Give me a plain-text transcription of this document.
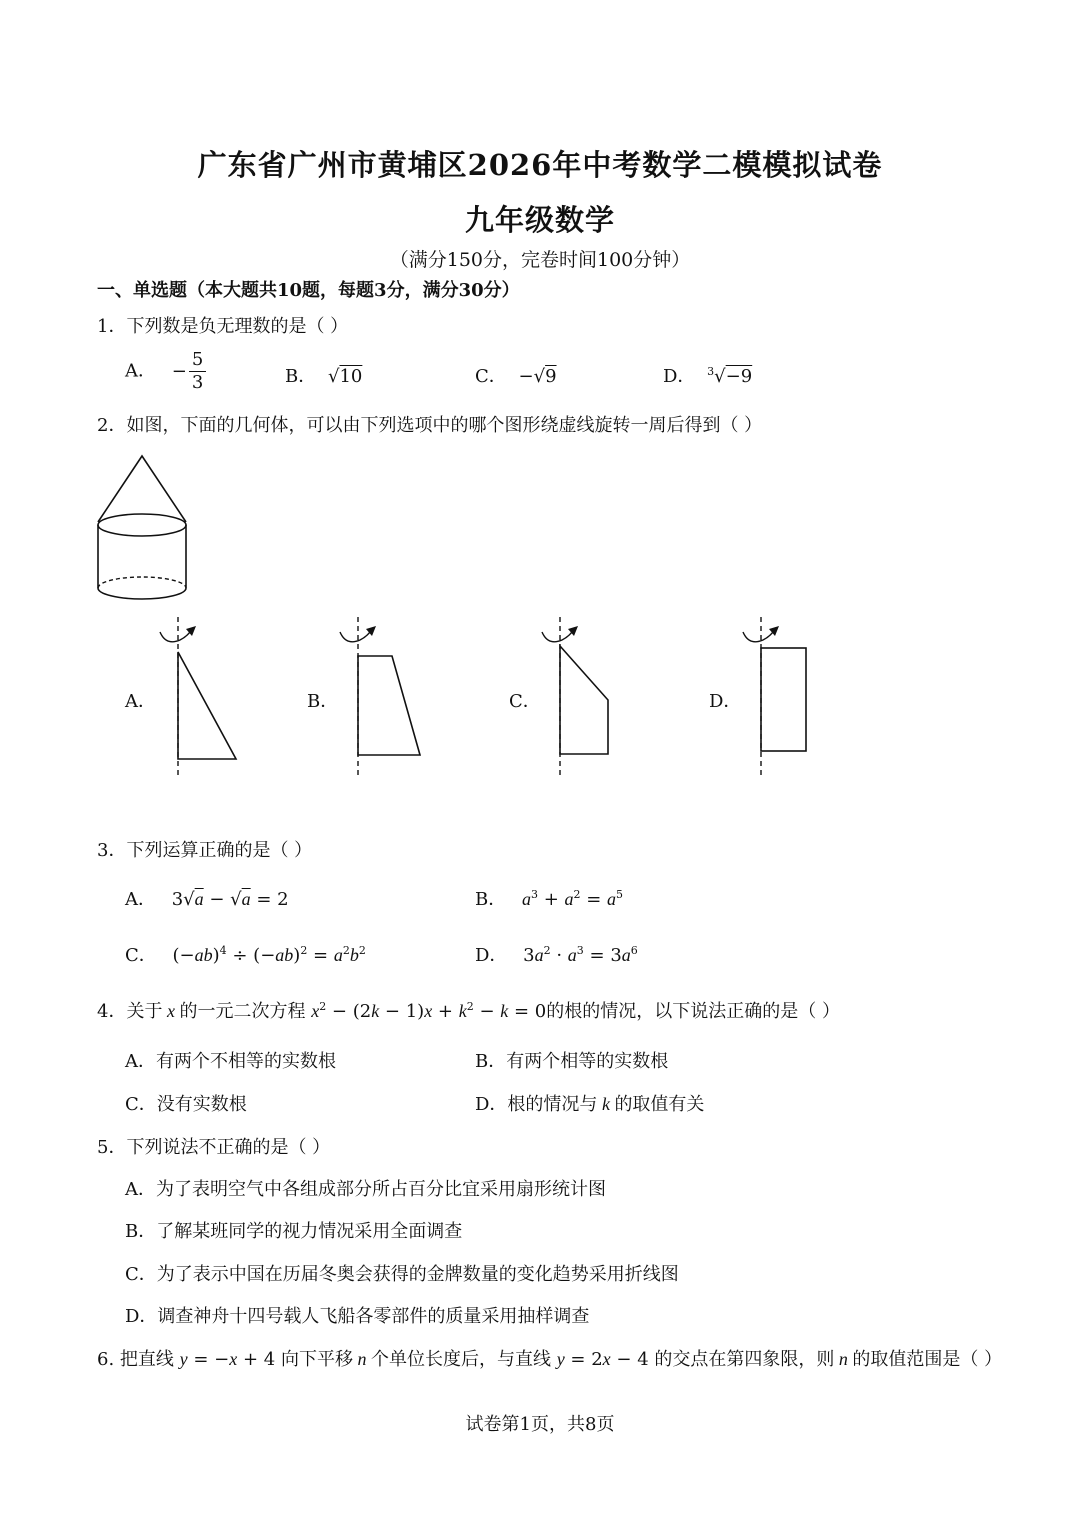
广东省广州市黄埔区2026年中考数学二模模拟试卷
九年级数学
（满分150分，完卷时间100分钟）
一、单选题（本大题共10题，每题3分，满分30分）
1．下列数是负无理数的是（ ）
A． − $\frac{5}{3}$	B． √10	C． −√9	D． $^3$√−9
2．如图，下面的几何体，可以由下列选项中的哪个图形绕虚线旋转一周后得到（ ）
A．	B．	C．	D．
3．下列运算正确的是（ ）
A． 3√a − √a = 2	B． $a^3 + a^2 = a^5$
C． $(-ab)^4 \div (-ab)^2 = a^2b^2$	D． $3a^2 \cdot a^3 = 3a^6$
4．关于 x 的一元二次方程 $x^2 - (2k - 1)x + k^2 - k = 0$的根的情况，以下说法正确的是（ ）
A．有两个不相等的实数根	B．有两个相等的实数根
C．没有实数根	D．根的情况与 k 的取值有关
5．下列说法不正确的是（ ）
A．为了表明空气中各组成部分所占百分比宜采用扇形统计图
B．了解某班同学的视力情况采用全面调查
C．为了表示中国在历届冬奥会获得的金牌数量的变化趋势采用折线图
D．调查神舟十四号载人飞船各零部件的质量采用抽样调查
6. 把直线 y = −x + 4 向下平移 n 个单位长度后，与直线 y = 2x − 4 的交点在第四象限，则 n 的取值范围是（ ）
试卷第1页，共8页
